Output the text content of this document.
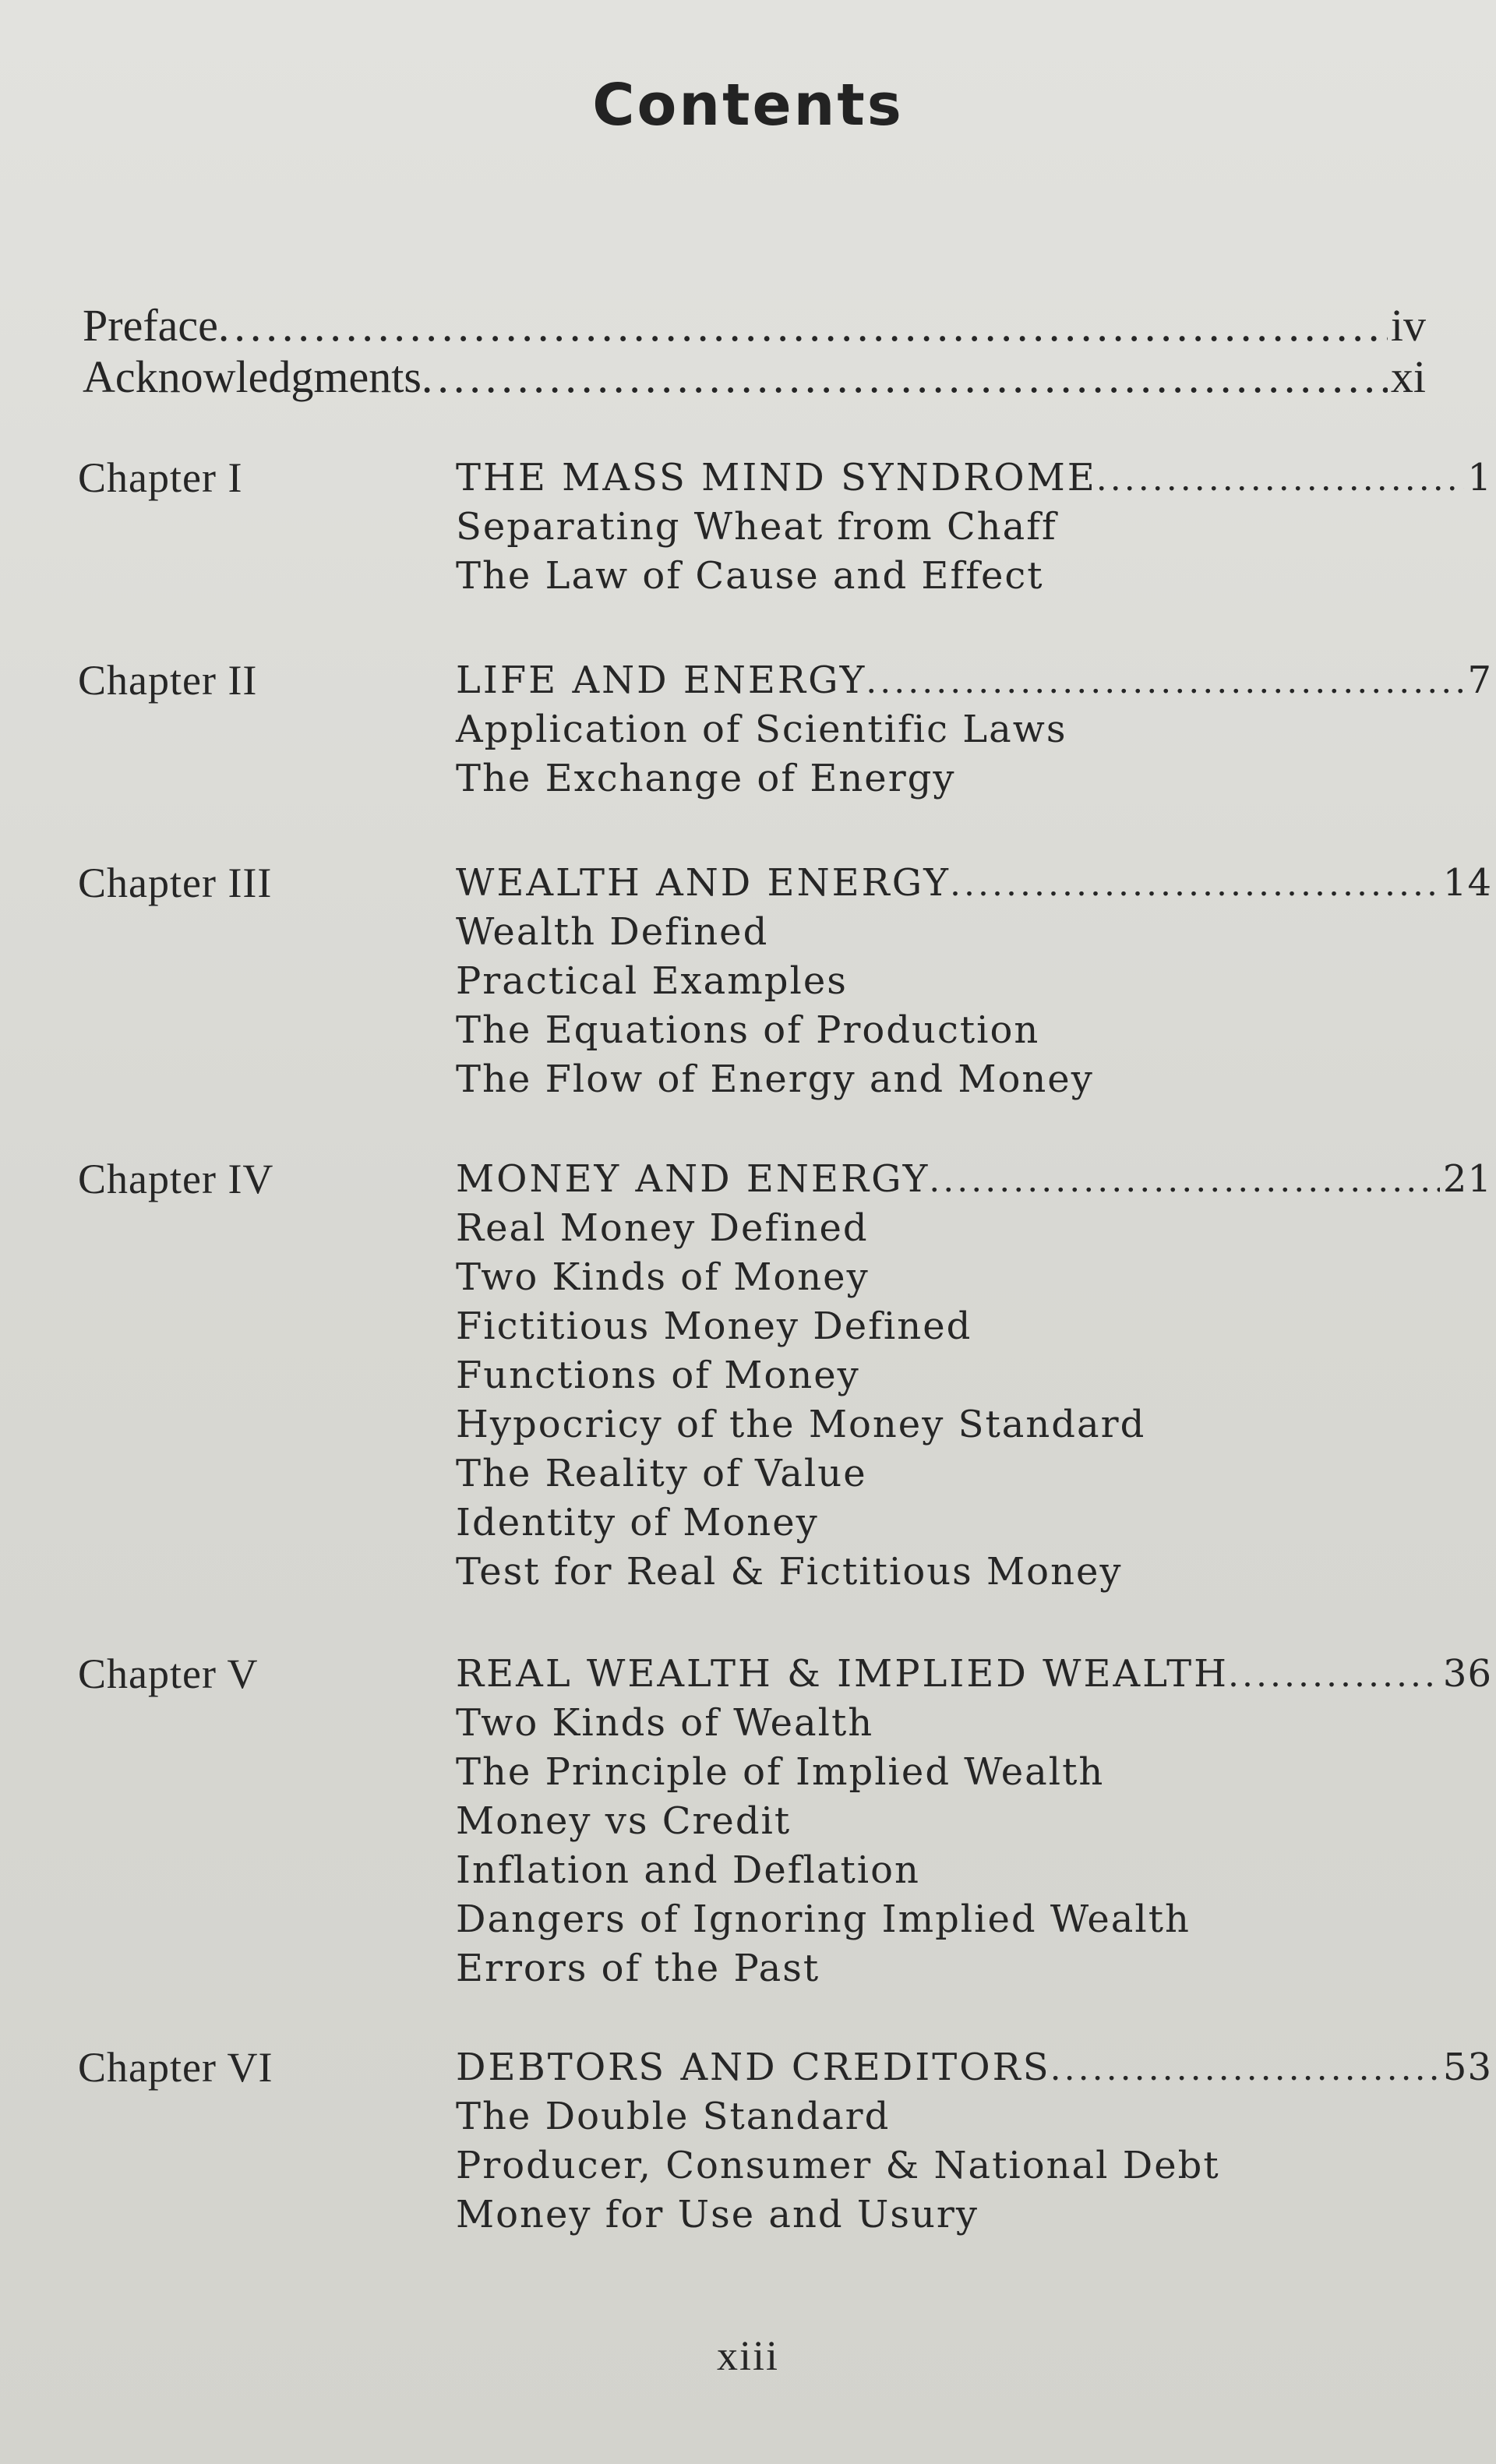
Contents
Preface .....	iv
Acknowledgments .....	xi
Chapter I	THE MASS MIND SYNDROME .....	1
Separating Wheat from Chaff
The Law of Cause and Effect
Chapter II	LIFE AND ENERGY .....	7
Application of Scientific Laws
The Exchange of Energy
Chapter III	WEALTH AND ENERGY .....	14
Wealth Defined
Practical Examples
The Equations of Production
The Flow of Energy and Money
Chapter IV	MONEY AND ENERGY .....	21
Real Money Defined
Two Kinds of Money
Fictitious Money Defined
Functions of Money
Hypocricy of the Money Standard
The Reality of Value
Identity of Money
Test for Real & Fictitious Money
Chapter V	REAL WEALTH & IMPLIED WEALTH .....	36
Two Kinds of Wealth
The Principle of Implied Wealth
Money vs Credit
Inflation and Deflation
Dangers of Ignoring Implied Wealth
Errors of the Past
Chapter VI	DEBTORS AND CREDITORS .....	53
The Double Standard
Producer, Consumer & National Debt
Money for Use and Usury
xiii
